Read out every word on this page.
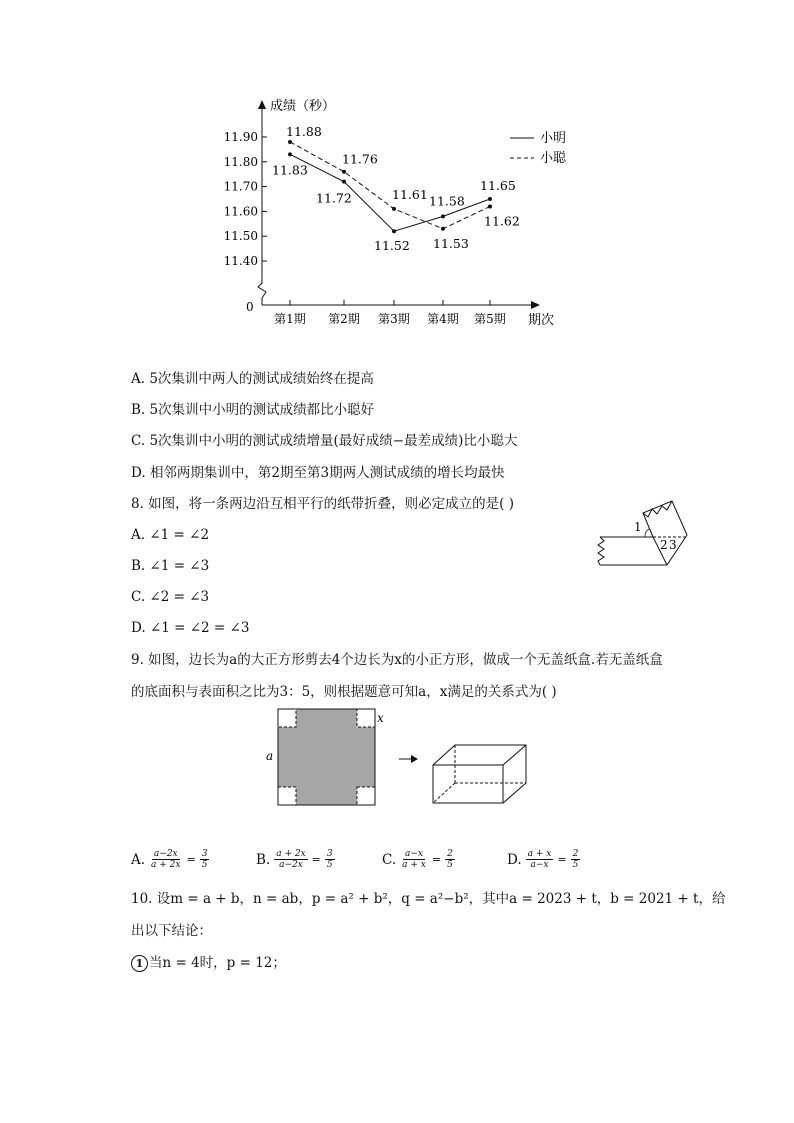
成绩（秒）
0
期次
11.90
11.80
11.70
11.60
11.50
11.40
第1期 第2期 第3期 第4期 第5期
11.83
11.72
11.52
11.58
11.65
11.88
11.76
11.61
11.53
11.62
小明
小聪
A. 5次集训中两人的测试成绩始终在提高
B. 5次集训中小明的测试成绩都比小聪好
C. 5次集训中小明的测试成绩增量(最好成绩−最差成绩)比小聪大
D. 相邻两期集训中，第2期至第3期两人测试成绩的增长均最快
8. 如图，将一条两边沿互相平行的纸带折叠，则必定成立的是( )
A. ∠1 = ∠2
B. ∠1 = ∠3
C. ∠2 = ∠3
D. ∠1 = ∠2 = ∠3
1
2 3
9. 如图，边长为a的大正方形剪去4个边长为x的小正方形，做成一个无盖纸盒.若无盖纸盒
的底面积与表面积之比为3：5，则根据题意可知a，x满足的关系式为( )
a
x
A. $\frac{a-2x}{a + 2x} = \frac{3}{5}$	B. $\frac{a + 2x}{a-2x} = \frac{3}{5}$	C. $\frac{a-x}{a + x} = \frac{2}{5}$	D. $\frac{a + x}{a-x} = \frac{2}{5}$
10. 设m = a + b，n = ab，p = a² + b²，q = a²−b²，其中a = 2023 + t，b = 2021 + t，给
出以下结论：
1 当n = 4时，p = 12；
